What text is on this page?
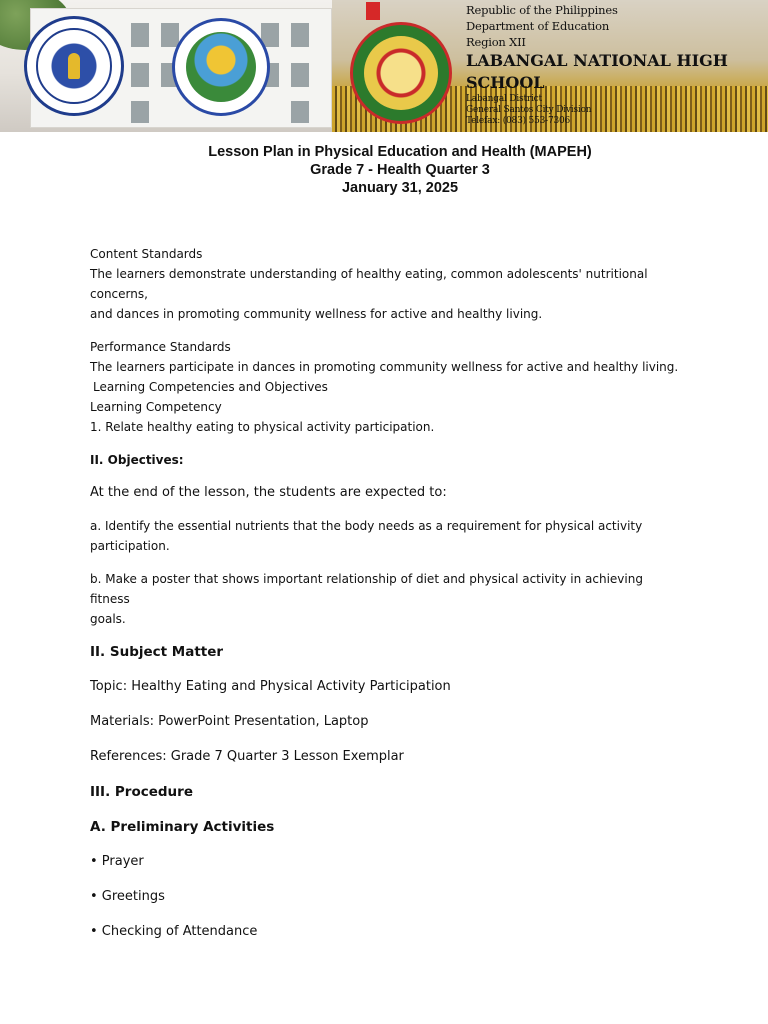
Republic of the Philippines
Department of Education
Region XII
LABANGAL NATIONAL HIGH SCHOOL
Labangal District
General Santos City Division
Telefax: (083) 553-7306
Lesson Plan in Physical Education and Health (MAPEH)
Grade 7 - Health Quarter 3
January 31, 2025
Content Standards
The learners demonstrate understanding of healthy eating, common adolescents' nutritional concerns,
and dances in promoting community wellness for active and healthy living.
Performance Standards
The learners participate in dances in promoting community wellness for active and healthy living.
Learning Competencies and Objectives
Learning Competency
1. Relate healthy eating to physical activity participation.
II. Objectives:
At the end of the lesson, the students are expected to:
a. Identify the essential nutrients that the body needs as a requirement for physical activity
participation.
b. Make a poster that shows important relationship of diet and physical activity in achieving fitness
goals.
II. Subject Matter
Topic: Healthy Eating and Physical Activity Participation
Materials: PowerPoint Presentation, Laptop
References: Grade 7 Quarter 3 Lesson Exemplar
III. Procedure
A. Preliminary Activities
• Prayer
• Greetings
• Checking of Attendance
